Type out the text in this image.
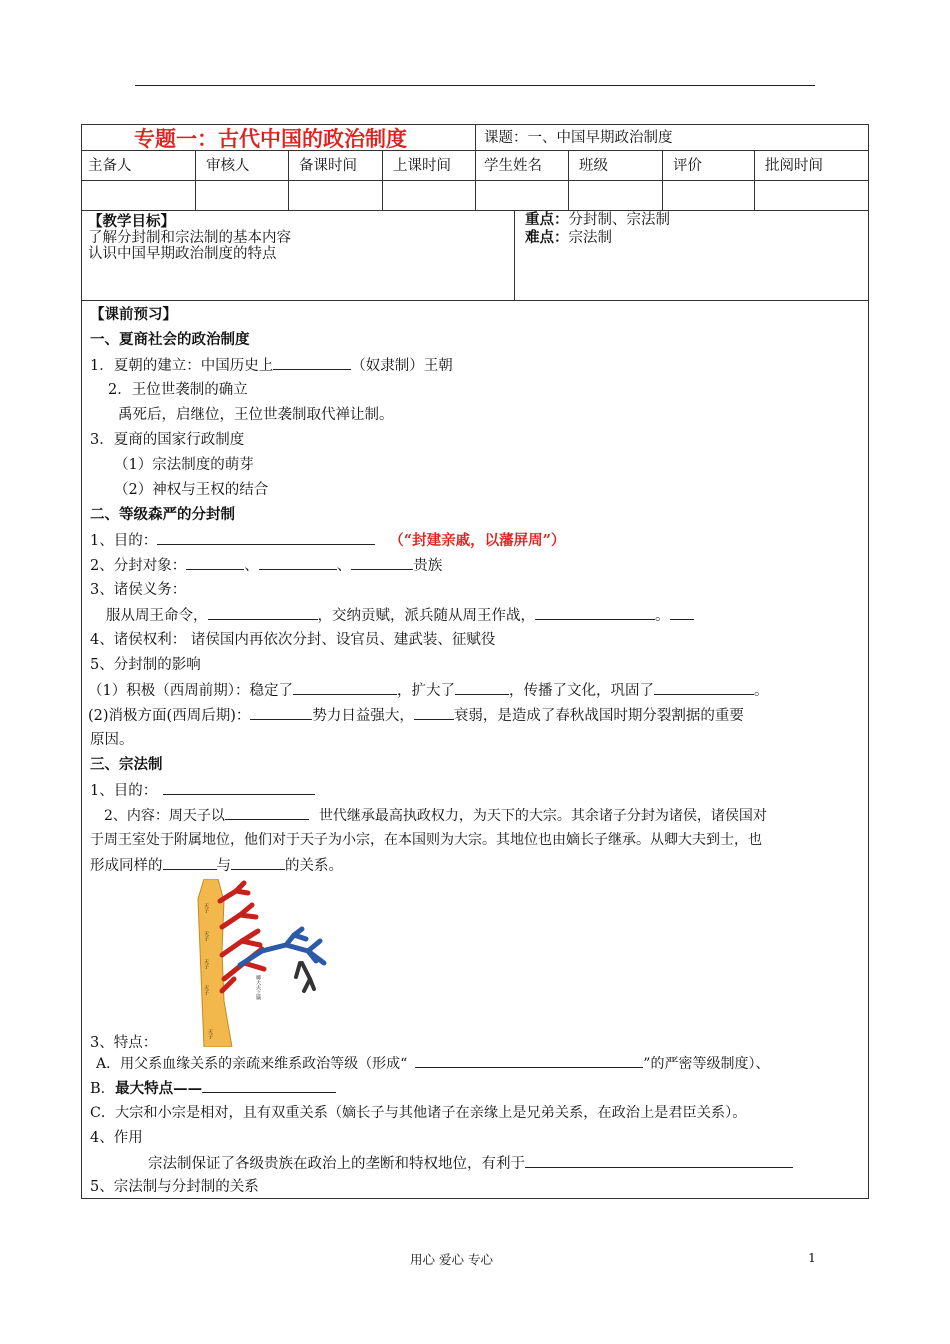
专题一：古代中国的政治制度	课题：一、中国早期政治制度
主备人	审核人	备课时间	上课时间	学生姓名	班级	评价	批阅时间
【教学目标】
了解分封制和宗法制的基本内容
认识中国早期政治制度的特点
重点：分封制、宗法制
难点：宗法制
【课前预习】
一、夏商社会的政治制度
1．夏朝的建立：中国历史上	（奴隶制）王朝
2．王位世袭制的确立
禹死后，启继位，王位世袭制取代禅让制。
3．夏商的国家行政制度
（1）宗法制度的萌芽
（2）神权与王权的结合
二、等级森严的分封制
1、目的：	（“封建亲戚，以藩屏周”）
2、分封对象：	、	、	贵族
3、诸侯义务：
服从周王命令，	，交纳贡赋，派兵随从周王作战，	。
4、诸侯权利： 诸侯国内再依次分封、设官员、建武装、征赋役
5、分封制的影响
（1）积极（西周前期）：稳定了	，扩大了	，传播了文化，巩固了	。
(2)消极方面(西周后期)：	势力日益强大，	衰弱，是造成了春秋战国时期分裂割据的重要
原因。
三、宗法制
1、目的：
2、内容：周天子以	世代继承最高执政权力，为天下的大宗。其余诸子分封为诸侯，诸侯国对
于周王室处于附属地位，他们对于天子为小宗，在本国则为大宗。其地位也由嫡长子继承。从卿大夫到士，也
形成同样的	与	的关系。
天子
天子
天子
天子
天子
卿大夫之嫡
3、特点：
A．用父系血缘关系的亲疏来维系政治等级（形成“	”的严密等级制度）、
B．最大特点——
C．大宗和小宗是相对，且有双重关系（嫡长子与其他诸子在亲缘上是兄弟关系，在政治上是君臣关系）。
4、作用
宗法制保证了各级贵族在政治上的垄断和特权地位，有利于
5、宗法制与分封制的关系
用心 爱心 专心	1
